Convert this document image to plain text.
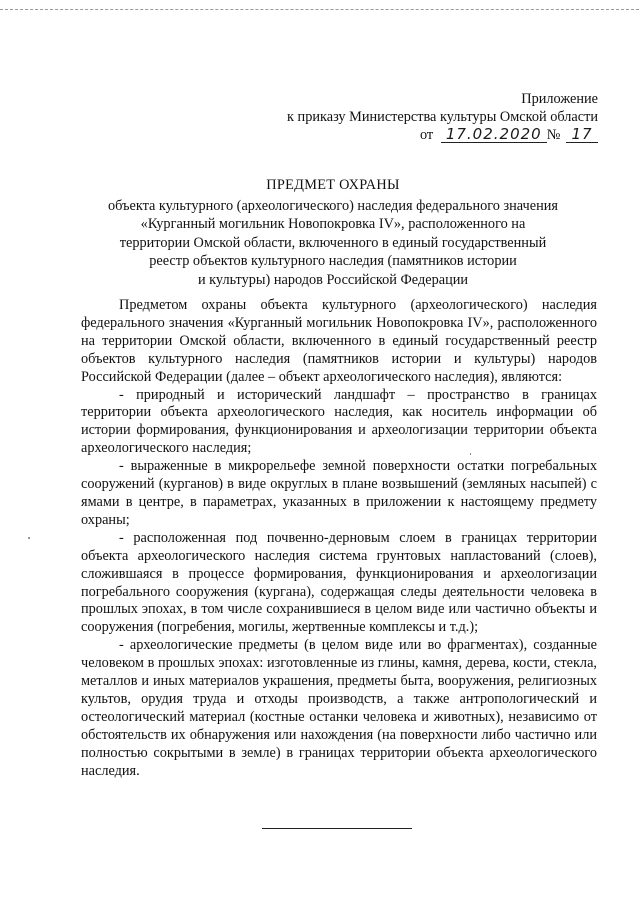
Приложение
к приказу Министерства культуры Омской области
от 17.02.2020 № 17
ПРЕДМЕТ ОХРАНЫ
объекта культурного (археологического) наследия федерального значения
«Курганный могильник Новопокровка IV», расположенного на
территории Омской области, включенного в единый государственный
реестр объектов культурного наследия (памятников истории
и культуры) народов Российской Федерации

Предметом охраны объекта культурного (археологического) наследия федерального значения «Курганный могильник Новопокровка IV», расположенного на территории Омской области, включенного в единый государственный реестр объектов культурного наследия (памятников истории и культуры) народов Российской Федерации (далее – объект археологического наследия), являются:

- природный и исторический ландшафт – пространство в границах территории объекта археологического наследия, как носитель информации об истории формирования, функционирования и археологизации территории объекта археологического наследия;

- выраженные в микрорельефе земной поверхности остатки погребальных сооружений (курганов) в виде округлых в плане возвышений (земляных насыпей) с ямами в центре, в параметрах, указанных в приложении к настоящему предмету охраны;

- расположенная под почвенно-дерновым слоем в границах территории объекта археологического наследия система грунтовых напластований (слоев), сложившаяся в процессе формирования, функционирования и археологизации погребального сооружения (кургана), содержащая следы деятельности человека в прошлых эпохах, в том числе сохранившиеся в целом виде или частично объекты и сооружения (погребения, могилы, жертвенные комплексы и т.д.);

- археологические предметы (в целом виде или во фрагментах), созданные человеком в прошлых эпохах: изготовленные из глины, камня, дерева, кости, стекла, металлов и иных материалов украшения, предметы быта, вооружения, религиозных культов, орудия труда и отходы производств, а также антропологический и остеологический материал (костные останки человека и животных), независимо от обстоятельств их обнаружения или нахождения (на поверхности либо частично или полностью сокрытыми в земле) в границах территории объекта археологического наследия.
